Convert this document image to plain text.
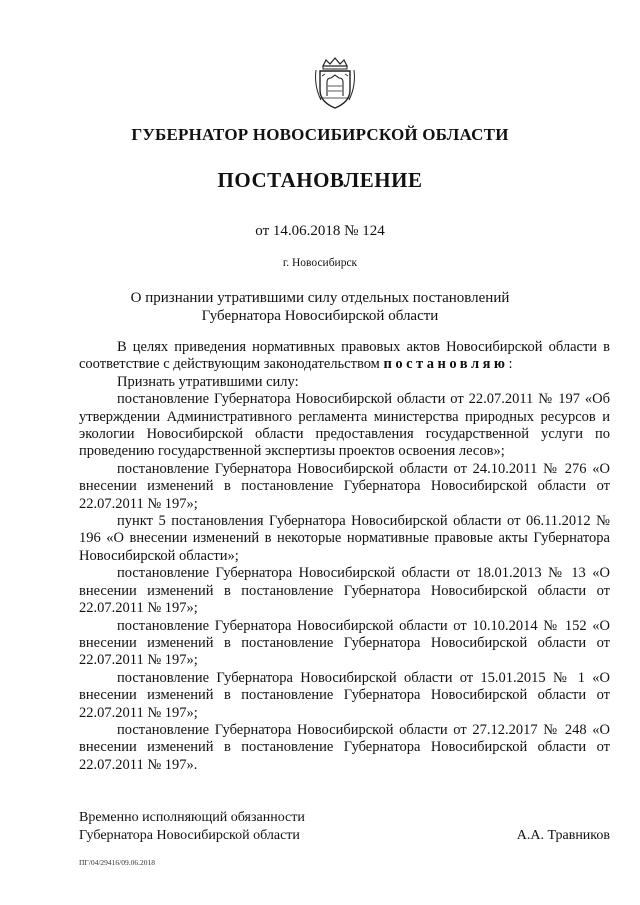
ГУБЕРНАТОР НОВОСИБИРСКОЙ ОБЛАСТИ
ПОСТАНОВЛЕНИЕ
от 14.06.2018 № 124
г. Новосибирск
О признании утратившими силу отдельных постановлений
Губернатора Новосибирской области

В целях приведения нормативных правовых актов Новосибирской области в соответствие с действующим законодательством постановляю:

Признать утратившими силу:

постановление Губернатора Новосибирской области от 22.07.2011 № 197 «Об утверждении Административного регламента министерства природных ресурсов и экологии Новосибирской области предоставления государственной услуги по проведению государственной экспертизы проектов освоения лесов»;

постановление Губернатора Новосибирской области от 24.10.2011 № 276 «О внесении изменений в постановление Губернатора Новосибирской области от 22.07.2011 № 197»;

пункт 5 постановления Губернатора Новосибирской области от 06.11.2012 № 196 «О внесении изменений в некоторые нормативные правовые акты Губернатора Новосибирской области»;

постановление Губернатора Новосибирской области от 18.01.2013 № 13 «О внесении изменений в постановление Губернатора Новосибирской области от 22.07.2011 № 197»;

постановление Губернатора Новосибирской области от 10.10.2014 № 152 «О внесении изменений в постановление Губернатора Новосибирской области от 22.07.2011 № 197»;

постановление Губернатора Новосибирской области от 15.01.2015 № 1 «О внесении изменений в постановление Губернатора Новосибирской области от 22.07.2011 № 197»;

постановление Губернатора Новосибирской области от 27.12.2017 № 248 «О внесении изменений в постановление Губернатора Новосибирской области от 22.07.2011 № 197».

Временно исполняющий обязанности
Губернатора Новосибирской области	А.А. Травников
ПГ/04/29416/09.06.2018
